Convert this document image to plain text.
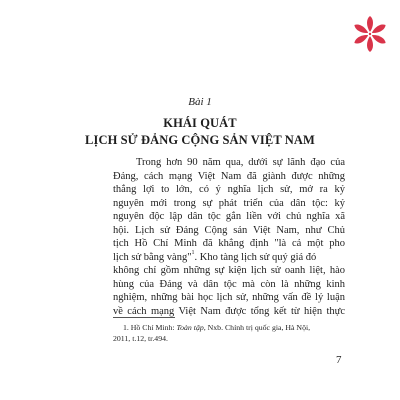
Bài 1
KHÁI QUÁT
LỊCH SỬ ĐẢNG CỘNG SẢN VIỆT NAM
Trong hơn 90 năm qua, dưới sự lãnh đạo của
Đảng, cách mạng Việt Nam đã giành được những
thắng lợi to lớn, có ý nghĩa lịch sử, mở ra kỷ
nguyên mới trong sự phát triển của dân tộc: kỷ
nguyên độc lập dân tộc gắn liền với chủ nghĩa xã
hội. Lịch sử Đảng Cộng sản Việt Nam, như Chủ
tịch Hồ Chí Minh đã khẳng định "là cả một pho
lịch sử bằng vàng"$^1$. Kho tàng lịch sử quý giá đó
không chỉ gồm những sự kiện lịch sử oanh liệt, hào
hùng của Đảng và dân tộc mà còn là những kinh
nghiệm, những bài học lịch sử, những vấn đề lý luận
về cách mạng Việt Nam được tổng kết từ hiện thực
1. Hồ Chí Minh: Toàn tập, Nxb. Chính trị quốc gia, Hà Nội,
2011, t.12, tr.494.
7
